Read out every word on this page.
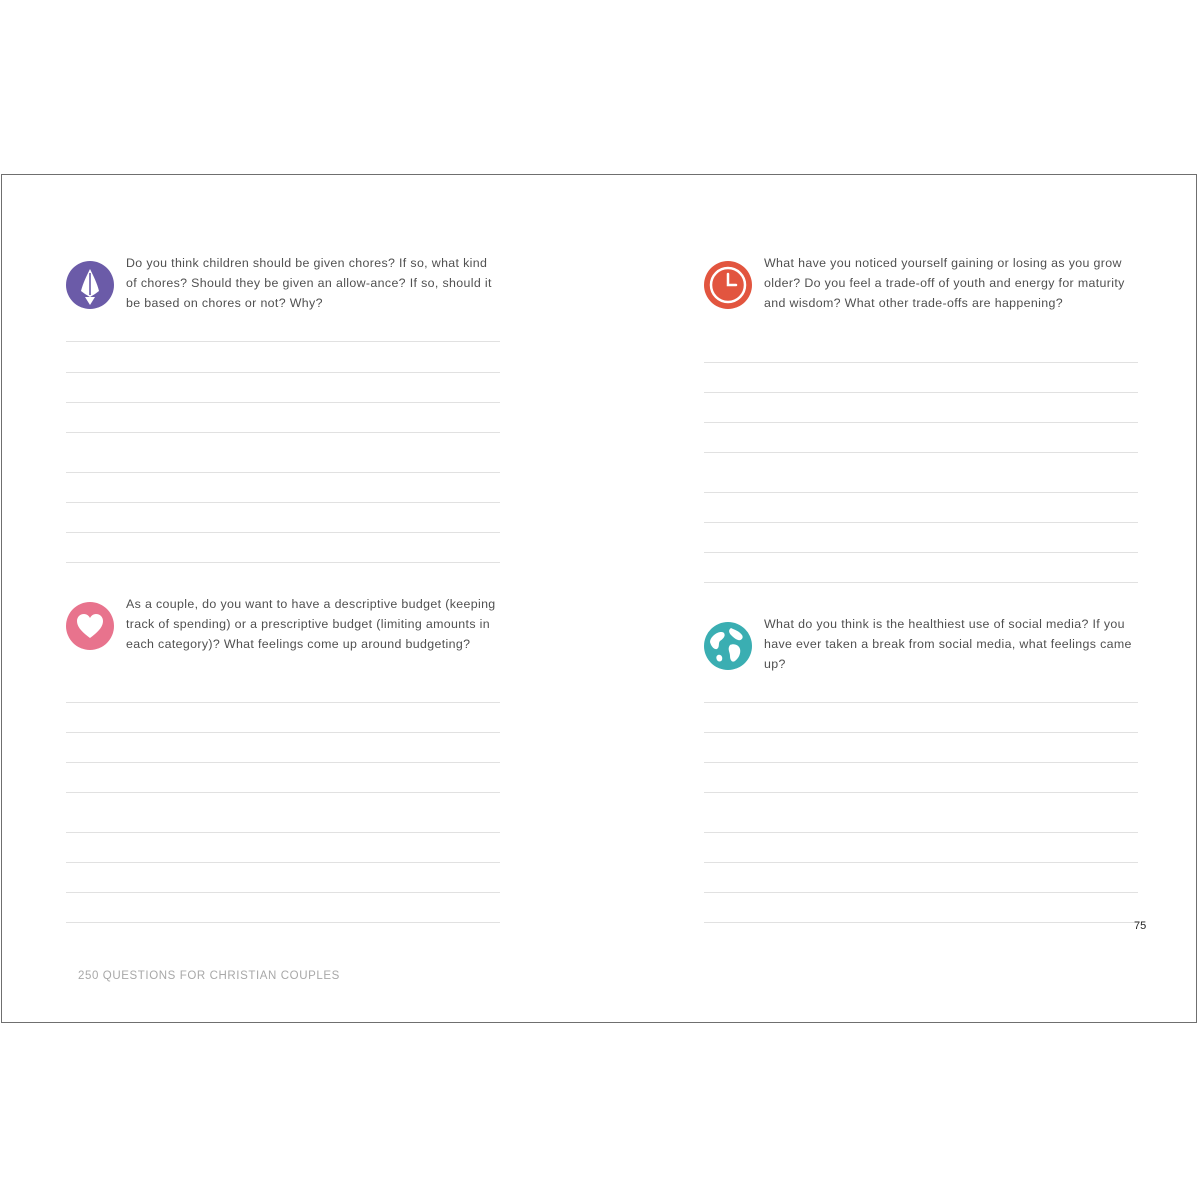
Do you think children should be given chores? If so, what kind of chores? Should they be given an allow-ance? If so, should it be based on chores or not? Why?

As a couple, do you want to have a descriptive budget (keeping track of spending) or a prescriptive budget (limiting amounts in each category)? What feelings come up around budgeting?

What have you noticed yourself gaining or losing as you grow older? Do you feel a trade-off of youth and energy for maturity and wisdom? What other trade-offs are happening?

What do you think is the healthiest use of social media? If you have ever taken a break from social media, what feelings came up?

250 QUESTIONS FOR CHRISTIAN COUPLES
75
